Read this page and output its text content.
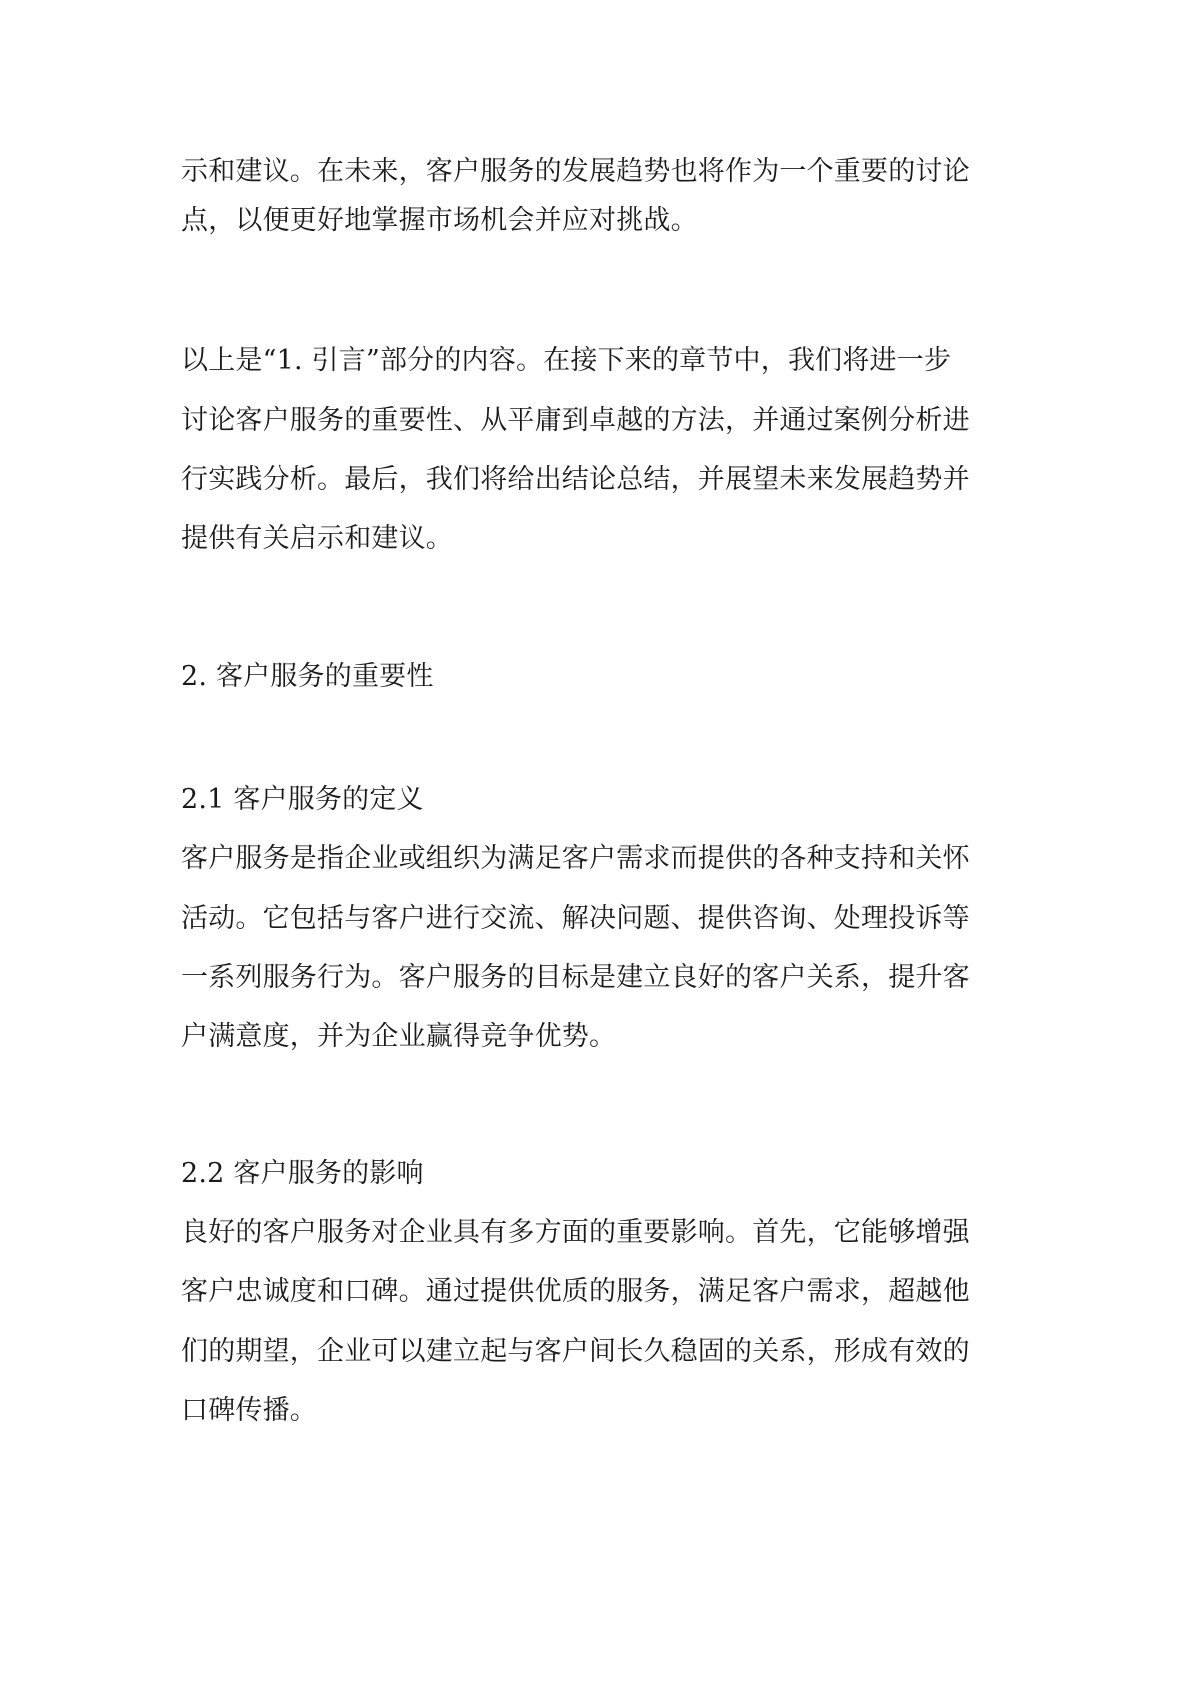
示和建议。在未来，客户服务的发展趋势也将作为一个重要的讨论
点，以便更好地掌握市场机会并应对挑战。
以上是“1. 引言”部分的内容。在接下来的章节中，我们将进一步
讨论客户服务的重要性、从平庸到卓越的方法，并通过案例分析进
行实践分析。最后，我们将给出结论总结，并展望未来发展趋势并
提供有关启示和建议。
2. 客户服务的重要性
2.1 客户服务的定义
客户服务是指企业或组织为满足客户需求而提供的各种支持和关怀
活动。它包括与客户进行交流、解决问题、提供咨询、处理投诉等
一系列服务行为。客户服务的目标是建立良好的客户关系，提升客
户满意度，并为企业赢得竞争优势。
2.2 客户服务的影响
良好的客户服务对企业具有多方面的重要影响。首先，它能够增强
客户忠诚度和口碑。通过提供优质的服务，满足客户需求，超越他
们的期望，企业可以建立起与客户间长久稳固的关系，形成有效的
口碑传播。
